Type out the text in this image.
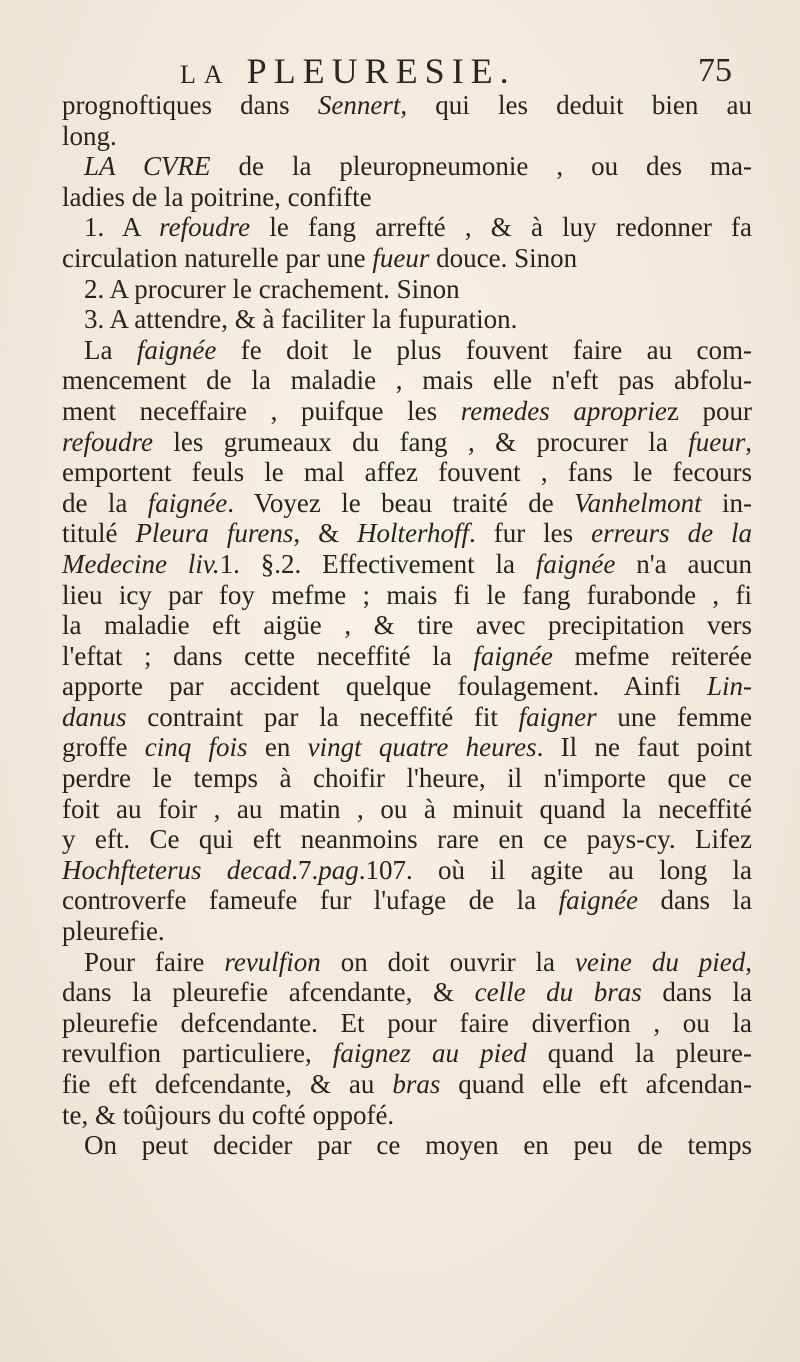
LA PLEURESIE.	75
prognoftiques dans Sennert, qui les deduit bien au
long.
LA CVRE de la pleuropneumonie , ou des ma-
ladies de la poitrine, confifte
1. A refoudre le fang arrefté , & à luy redonner fa
circulation naturelle par une fueur douce. Sinon
2. A procurer le crachement. Sinon
3. A attendre, & à faciliter la fupuration.
La faignée fe doit le plus fouvent faire au com-
mencement de la maladie , mais elle n'eft pas abfolu-
ment neceffaire , puifque les remedes apropriez pour
refoudre les grumeaux du fang , & procurer la fueur,
emportent feuls le mal affez fouvent , fans le fecours
de la faignée. Voyez le beau traité de Vanhelmont in-
titulé Pleura furens, & Holterhoff. fur les erreurs de la
Medecine liv.1. §.2. Effectivement la faignée n'a aucun
lieu icy par foy mefme ; mais fi le fang furabonde , fi
la maladie eft aigüe , & tire avec precipitation vers
l'eftat ; dans cette neceffité la faignée mefme reïterée
apporte par accident quelque foulagement. Ainfi Lin-
danus contraint par la neceffité fit faigner une femme
groffe cinq fois en vingt quatre heures. Il ne faut point
perdre le temps à choifir l'heure, il n'importe que ce
foit au foir , au matin , ou à minuit quand la neceffité
y eft. Ce qui eft neanmoins rare en ce pays-cy. Lifez
Hochfteterus decad.7.pag.107. où il agite au long la
controverfe fameufe fur l'ufage de la faignée dans la
pleurefie.
Pour faire revulfion on doit ouvrir la veine du pied,
dans la pleurefie afcendante, & celle du bras dans la
pleurefie defcendante. Et pour faire diverfion , ou la
revulfion particuliere, faignez au pied quand la pleure-
fie eft defcendante, & au bras quand elle eft afcendan-
te, & toûjours du cofté oppofé.
On peut decider par ce moyen en peu de temps
